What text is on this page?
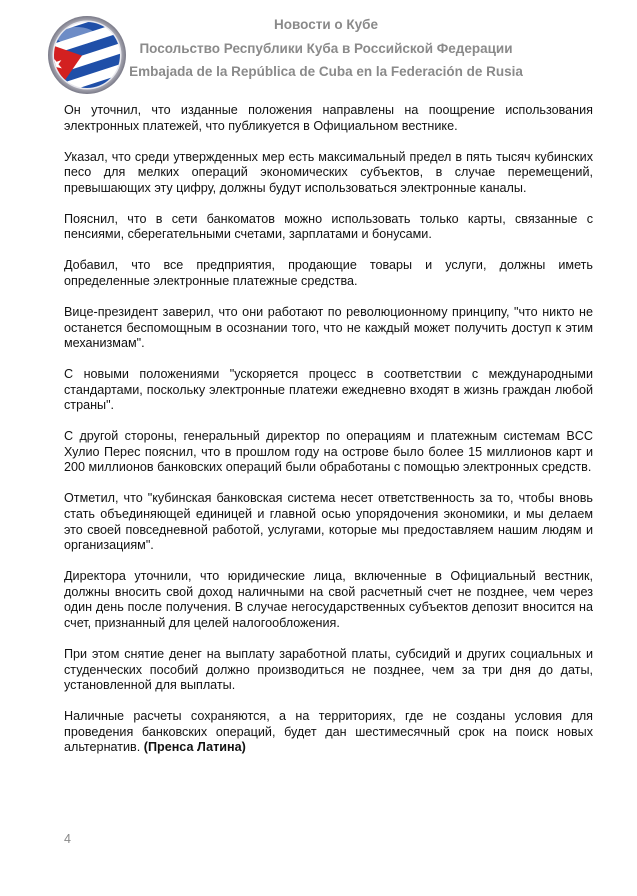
Новости о Кубе
Посольство Республики Куба в Российской Федерации
Embajada de la República de Cuba en la Federación de Rusia

Он уточнил, что изданные положения направлены на поощрение использования электронных платежей, что публикуется в Официальном вестнике.

Указал, что среди утвержденных мер есть максимальный предел в пять тысяч кубинских песо для мелких операций экономических субъектов, в случае перемещений, превышающих эту цифру, должны будут использоваться электронные каналы.

Пояснил, что в сети банкоматов можно использовать только карты, связанные с пенсиями, сберегательными счетами, зарплатами и бонусами.

Добавил, что все предприятия, продающие товары и услуги, должны иметь определенные электронные платежные средства.

Вице-президент заверил, что они работают по революционному принципу, "что никто не останется беспомощным в осознании того, что не каждый может получить доступ к этим механизмам".

С новыми положениями "ускоряется процесс в соответствии с международными стандартами, поскольку электронные платежи ежедневно входят в жизнь граждан любой страны".

С другой стороны, генеральный директор по операциям и платежным системам BCC Хулио Перес пояснил, что в прошлом году на острове было более 15 миллионов карт и 200 миллионов банковских операций были обработаны с помощью электронных средств.

Отметил, что "кубинская банковская система несет ответственность за то, чтобы вновь стать объединяющей единицей и главной осью упорядочения экономики, и мы делаем это своей повседневной работой, услугами, которые мы предоставляем нашим людям и организациям".

Директора уточнили, что юридические лица, включенные в Официальный вестник, должны вносить свой доход наличными на свой расчетный счет не позднее, чем через один день после получения. В случае негосударственных субъектов депозит вносится на счет, признанный для целей налогообложения.

При этом снятие денег на выплату заработной платы, субсидий и других социальных и студенческих пособий должно производиться не позднее, чем за три дня до даты, установленной для выплаты.

Наличные расчеты сохраняются, а на территориях, где не созданы условия для проведения банковских операций, будет дан шестимесячный срок на поиск новых альтернатив. (Пренса Латина)

4
